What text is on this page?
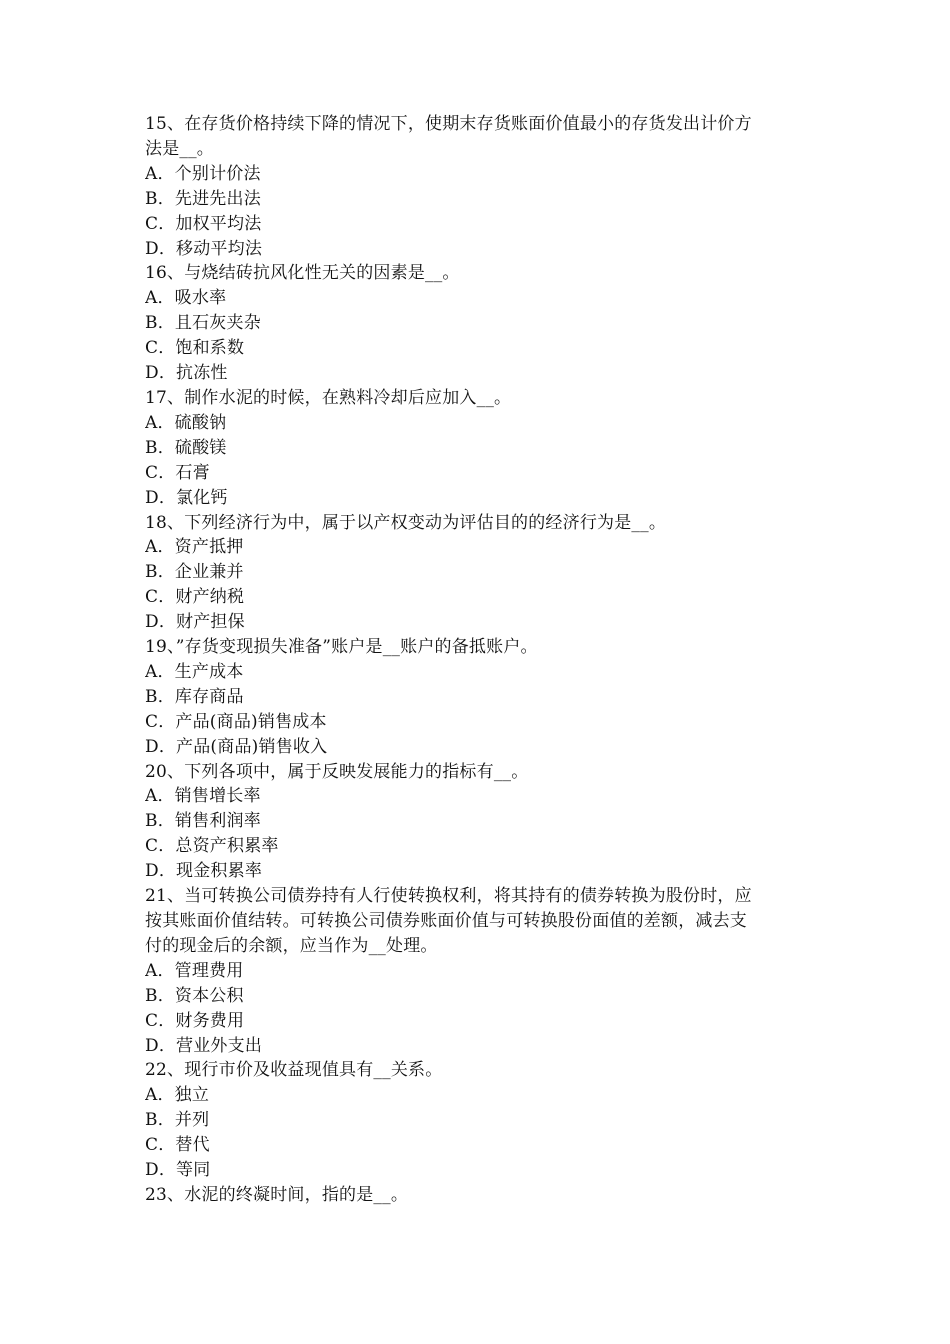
15、在存货价格持续下降的情况下，使期末存货账面价值最小的存货发出计价方
法是__。
A．个别计价法
B．先进先出法
C．加权平均法
D．移动平均法
16、与烧结砖抗风化性无关的因素是__。
A．吸水率
B．且石灰夹杂
C．饱和系数
D．抗冻性
17、制作水泥的时候，在熟料冷却后应加入__。
A．硫酸钠
B．硫酸镁
C．石膏
D．氯化钙
18、下列经济行为中，属于以产权变动为评估目的的经济行为是__。
A．资产抵押
B．企业兼并
C．财产纳税
D．财产担保
19、”存货变现损失准备”账户是__账户的备抵账户。
A．生产成本
B．库存商品
C．产品(商品)销售成本
D．产品(商品)销售收入
20、下列各项中，属于反映发展能力的指标有__。
A．销售增长率
B．销售利润率
C．总资产积累率
D．现金积累率
21、当可转换公司债券持有人行使转换权利，将其持有的债券转换为股份时，应
按其账面价值结转。可转换公司债券账面价值与可转换股份面值的差额，减去支
付的现金后的余额，应当作为__处理。
A．管理费用
B．资本公积
C．财务费用
D．营业外支出
22、现行市价及收益现值具有__关系。
A．独立
B．并列
C．替代
D．等同
23、水泥的终凝时间，指的是__。
